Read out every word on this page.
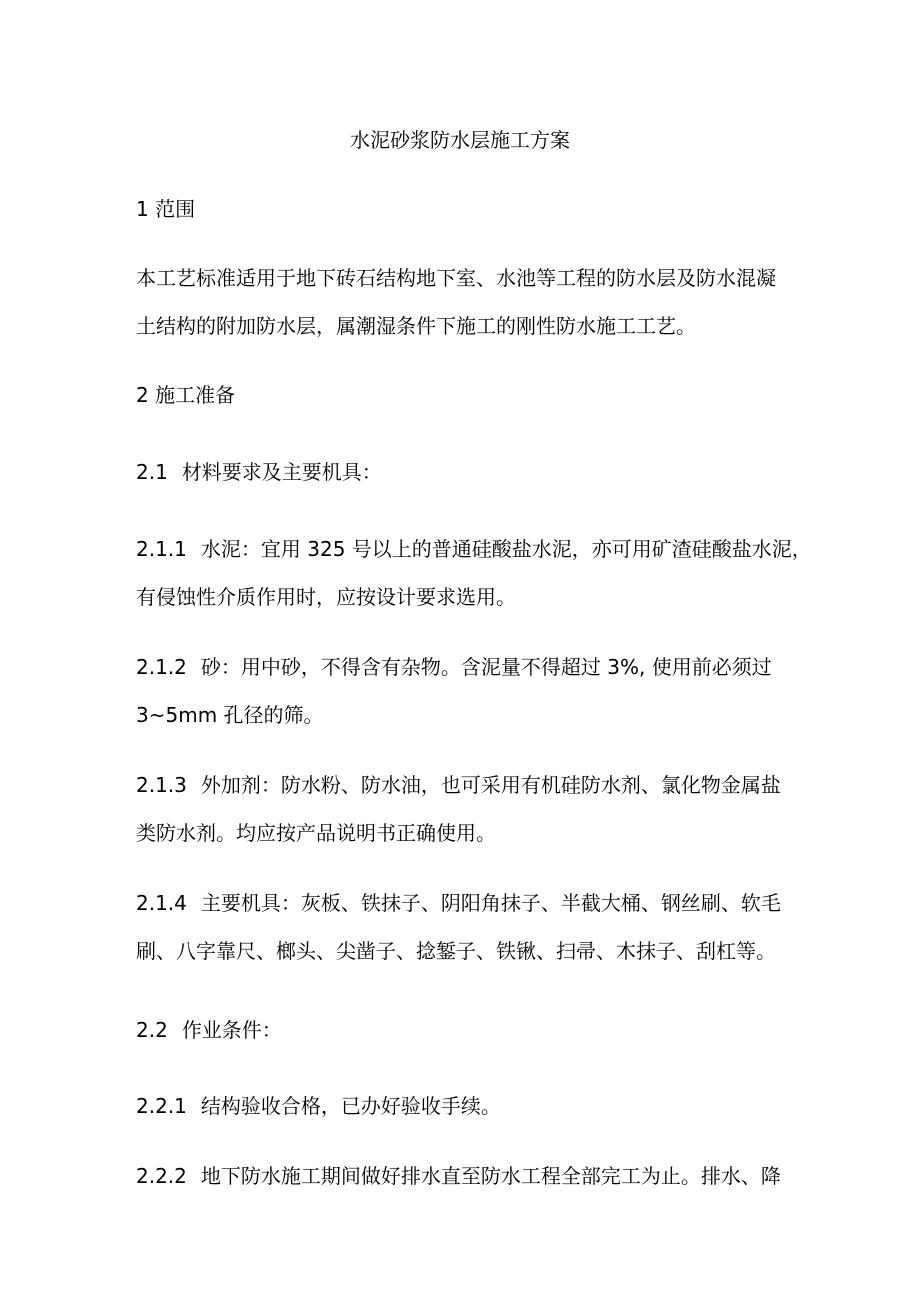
水泥砂浆防水层施工方案

1 范围

本工艺标准适用于地下砖石结构地下室、水池等工程的防水层及防水混凝

土结构的附加防水层，属潮湿条件下施工的刚性防水施工工艺。

2 施工准备

2.1 材料要求及主要机具：

2.1.1 水泥：宜用 325 号以上的普通硅酸盐水泥，亦可用矿渣硅酸盐水泥，

有侵蚀性介质作用时，应按设计要求选用。

2.1.2 砂：用中砂，不得含有杂物。含泥量不得超过 3%, 使用前必须过

3~5mm 孔径的筛。

2.1.3 外加剂：防水粉、防水油，也可采用有机硅防水剂、氯化物金属盐

类防水剂。均应按产品说明书正确使用。

2.1.4 主要机具：灰板、铁抹子、阴阳角抹子、半截大桶、钢丝刷、软毛

刷、八字靠尺、榔头、尖凿子、捻錾子、铁锹、扫帚、木抹子、刮杠等。

2.2 作业条件：

2.2.1 结构验收合格，已办好验收手续。

2.2.2 地下防水施工期间做好排水直至防水工程全部完工为止。排水、降
